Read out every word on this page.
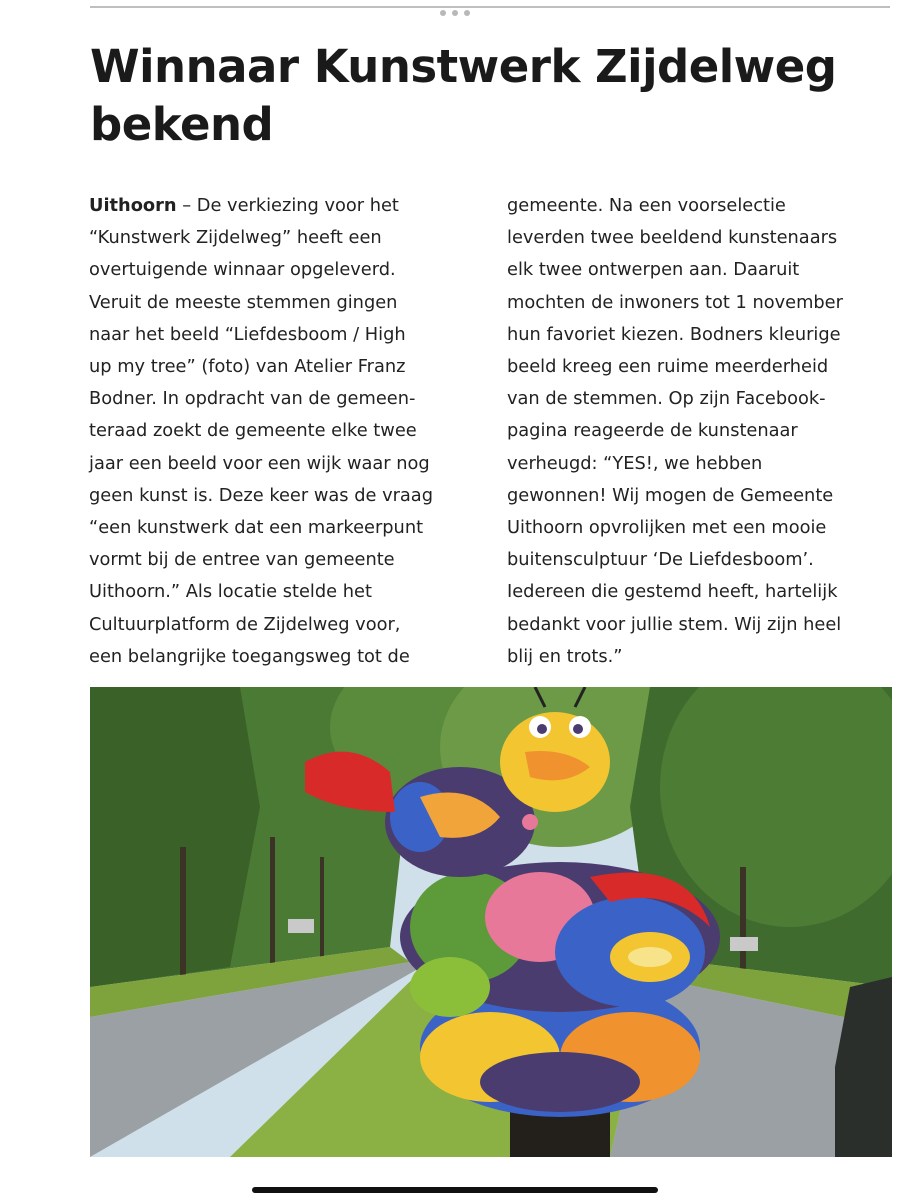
Winnaar Kunstwerk Zijdelweg
bekend
Uithoorn – De verkiezing voor het
“Kunstwerk Zijdelweg” heeft een
overtuigende winnaar opgeleverd.
Veruit de meeste stemmen gingen
naar het beeld “Liefdesboom / High
up my tree” (foto) van Atelier Franz
Bodner. In opdracht van de gemeen-
teraad zoekt de gemeente elke twee
jaar een beeld voor een wijk waar nog
geen kunst is. Deze keer was de vraag
“een kunstwerk dat een markeerpunt
vormt bij de entree van gemeente
Uithoorn.” Als locatie stelde het
Cultuurplatform de Zijdelweg voor,
een belangrijke toegangsweg tot de
gemeente. Na een voorselectie
leverden twee beeldend kunstenaars
elk twee ontwerpen aan. Daaruit
mochten de inwoners tot 1 november
hun favoriet kiezen. Bodners kleurige
beeld kreeg een ruime meerderheid
van de stemmen. Op zijn Facebook-
pagina reageerde de kunstenaar
verheugd: “YES!, we hebben
gewonnen! Wij mogen de Gemeente
Uithoorn opvrolijken met een mooie
buitensculptuur ‘De Liefdesboom’.
Iedereen die gestemd heeft, hartelijk
bedankt voor jullie stem. Wij zijn heel
blij en trots.”
